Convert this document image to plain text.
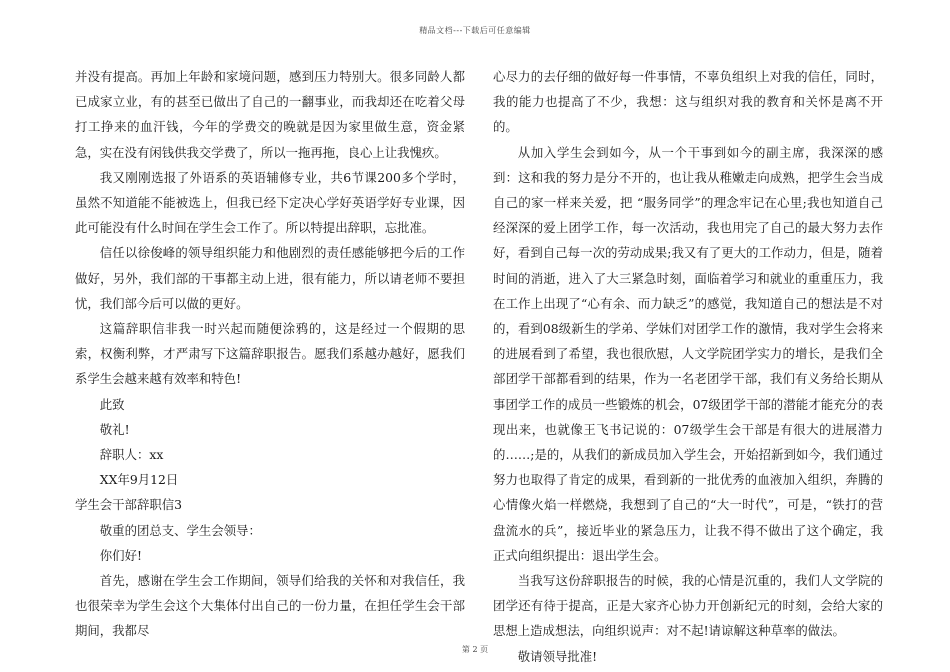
精品文档---下载后可任意编辑

并没有提高。再加上年龄和家境问题，感到压力特别大。很多同龄人都已成家立业，有的甚至已做出了自己的一翻事业，而我却还在吃着父母打工挣来的血汗钱，今年的学费交的晚就是因为家里做生意，资金紧急，实在没有闲钱供我交学费了，所以一拖再拖，良心上让我愧疚。

我又刚刚选报了外语系的英语辅修专业，共6节课200多个学时，虽然不知道能不能被选上，但我已经下定决心学好英语学好专业课，因此可能没有什么时间在学生会工作了。所以特提出辞职，忘批准。

信任以徐俊峰的领导组织能力和他剧烈的责任感能够把今后的工作做好，另外，我们部的干事都主动上进，很有能力，所以请老师不要担忧，我们部今后可以做的更好。

这篇辞职信非我一时兴起而随便涂鸦的，这是经过一个假期的思索，权衡利弊，才严肃写下这篇辞职报告。愿我们系越办越好，愿我们系学生会越来越有效率和特色!

此致

敬礼!

辞职人：xx

XX年9月12日

学生会干部辞职信3

敬重的团总支、学生会领导：

你们好!

首先，感谢在学生会工作期间，领导们给我的关怀和对我信任，我也很荣幸为学生会这个大集体付出自己的一份力量，在担任学生会干部期间，我都尽

心尽力的去仔细的做好每一件事情，不辜负组织上对我的信任，同时，我的能力也提高了不少，我想：这与组织对我的教育和关怀是离不开的。

从加入学生会到如今，从一个干事到如今的副主席，我深深的感到：这和我的努力是分不开的，也让我从稚嫩走向成熟，把学生会当成自己的家一样来关爱，把 “服务同学”的理念牢记在心里;我也知道自己经深深的爱上团学工作，每一次活动，我也用完了自己的最大努力去作好，看到自己每一次的劳动成果;我又有了更大的工作动力，但是，随着时间的消逝，进入了大三紧急时刻，面临着学习和就业的重重压力，我在工作上出现了“心有余、而力缺乏”的感觉，我知道自己的想法是不对的，看到08级新生的学弟、学妹们对团学工作的激情，我对学生会将来的进展看到了希望，我也很欣慰，人文学院团学实力的增长，是我们全部团学干部都看到的结果，作为一名老团学干部，我们有义务给长期从事团学工作的成员一些锻炼的机会，07级团学干部的潜能才能充分的表现出来，也就像王飞书记说的：07级学生会干部是有很大的进展潜力的……;是的，从我们的新成员加入学生会，开始招新到如今，我们通过努力也取得了肯定的成果，看到新的一批优秀的血液加入组织，奔腾的心情像火焰一样燃烧，我想到了自己的“大一时代”，可是，“铁打的营盘流水的兵”，接近毕业的紧急压力，让我不得不做出了这个确定，我正式向组织提出：退出学生会。

当我写这份辞职报告的时候，我的心情是沉重的，我们人文学院的团学还有待于提高，正是大家齐心协力开创新纪元的时刻，会给大家的思想上造成想法，向组织说声：对不起!请谅解这种草率的做法。

敬请领导批准!

第 2 页
